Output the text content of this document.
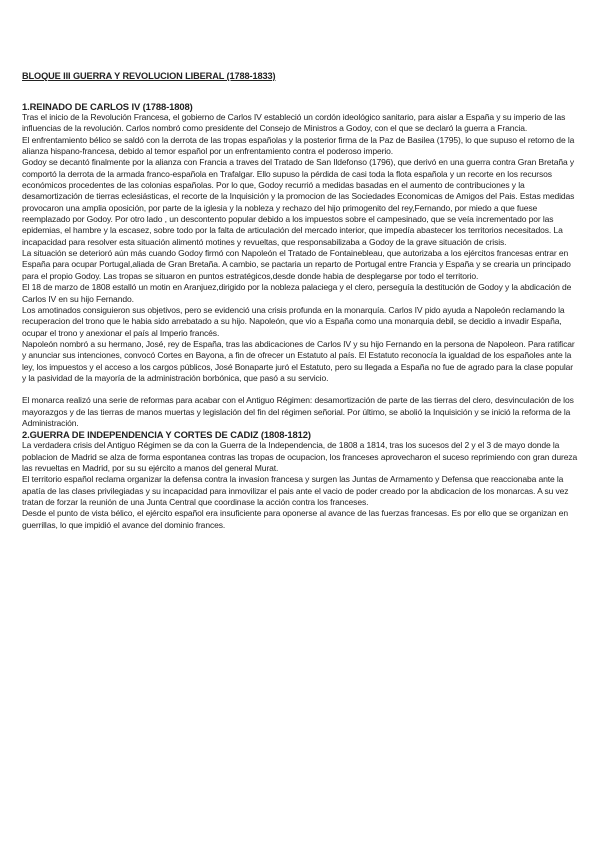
BLOQUE III GUERRA Y REVOLUCION LIBERAL (1788-1833)

1.REINADO DE CARLOS IV (1788-1808)

Tras el inicio de la Revolución Francesa, el gobierno de Carlos IV estableció un cordón ideológico sanitario, para aislar a España y su imperio de las influencias de la revolución. Carlos nombró como presidente del Consejo de Ministros a Godoy, con el que se declaró la guerra a Francia.

El enfrentamiento bélico se saldó con la derrota de las tropas españolas y la posterior firma de la Paz de Basilea (1795), lo que supuso el retorno de la alianza hispano-francesa, debido al temor español por un enfrentamiento contra el poderoso imperio.

Godoy se decantó finalmente por la alianza con Francia a traves del Tratado de San Ildefonso (1796), que derivó en una guerra contra Gran Bretaña y comportó la derrota de la armada franco-española en Trafalgar. Ello supuso la pérdida de casi toda la flota española y un recorte en los recursos económicos procedentes de las colonias españolas. Por lo que, Godoy recurrió a medidas basadas en el aumento de contribuciones y la desamortización de tierras eclesiásticas, el recorte de la Inquisición y la promocion de las Sociedades Economicas de Amigos del Pais. Estas medidas provocaron una amplia oposición, por parte de la iglesia y la nobleza y rechazo del hijo primogenito del rey,Fernando, por miedo a que fuese reemplazado por Godoy. Por otro lado , un descontento popular debido a los impuestos sobre el campesinado, que se veía incrementado por las epidemias, el hambre y la escasez, sobre todo por la falta de articulación del mercado interior, que impedía abastecer los territorios necesitados. La incapacidad para resolver esta situación alimentó motines y revueltas, que responsabilizaba a Godoy de la grave situación de crisis.

La situación se deterioró aún más cuando Godoy firmó con Napoleón el Tratado de Fontainebleau, que autorizaba a los ejércitos francesas entrar en España para ocupar Portugal,aliada de Gran Bretaña. A cambio, se pactaria un reparto de Portugal entre Francia y España y se crearia un principado para el propio Godoy. Las tropas se situaron en puntos estratégicos,desde donde habia de desplegarse por todo el territorio.

El 18 de marzo de 1808 estalló un motin en Aranjuez,dirigido por la nobleza palaciega y el clero, perseguía la destitución de Godoy y la abdicación de Carlos IV en su hijo Fernando.

Los amotinados consiguieron sus objetivos, pero se evidenció una crisis profunda en la monarquía. Carlos IV pido ayuda a Napoleón reclamando la recuperacion del trono que le habia sido arrebatado a su hijo. Napoleón, que vio a España como una monarquia debil, se decidio a invadir España, ocupar el trono y anexionar el país al Imperio francés.

Napoleón nombró a su hermano, José, rey de España, tras las abdicaciones de Carlos IV y su hijo Fernando en la persona de Napoleon. Para ratificar y anunciar sus intenciones, convocó Cortes en Bayona, a fin de ofrecer un Estatuto al país. El Estatuto reconocía la igualdad de los españoles ante la ley, los impuestos y el acceso a los cargos públicos, José Bonaparte juró el Estatuto, pero su llegada a España no fue de agrado para la clase popular y la pasividad de la mayoría de la administración borbónica, que pasó a su servicio.

El monarca realizó una serie de reformas para acabar con el Antiguo Régimen: desamortización de parte de las tierras del clero, desvinculación de los mayorazgos y de las tierras de manos muertas y legislación del fin del régimen señorial. Por último, se abolió la Inquisición y se inició la reforma de la Administración.

2.GUERRA DE INDEPENDENCIA Y CORTES DE CADIZ (1808-1812)

La verdadera crisis del Antiguo Régimen se da con la Guerra de la Independencia, de 1808 a 1814, tras los sucesos del 2 y el 3 de mayo donde la poblacion de Madrid se alza de forma espontanea contras las tropas de ocupacion, los franceses aprovecharon el suceso reprimiendo con gran dureza las revueltas en Madrid, por su su ejército a manos del general Murat.

El territorio español reclama organizar la defensa contra la invasion francesa y surgen las Juntas de Armamento y Defensa que reaccionaba ante la apatía de las clases privilegiadas y su incapacidad para inmovilizar el pais ante el vacio de poder creado por la abdicacion de los monarcas. A su vez tratan de forzar la reunión de una Junta Central que coordinase la acción contra los franceses.

Desde el punto de vista bélico, el ejército español era insuficiente para oponerse al avance de las fuerzas francesas. Es por ello que se organizan en guerrillas, lo que impidió el avance del dominio frances.
